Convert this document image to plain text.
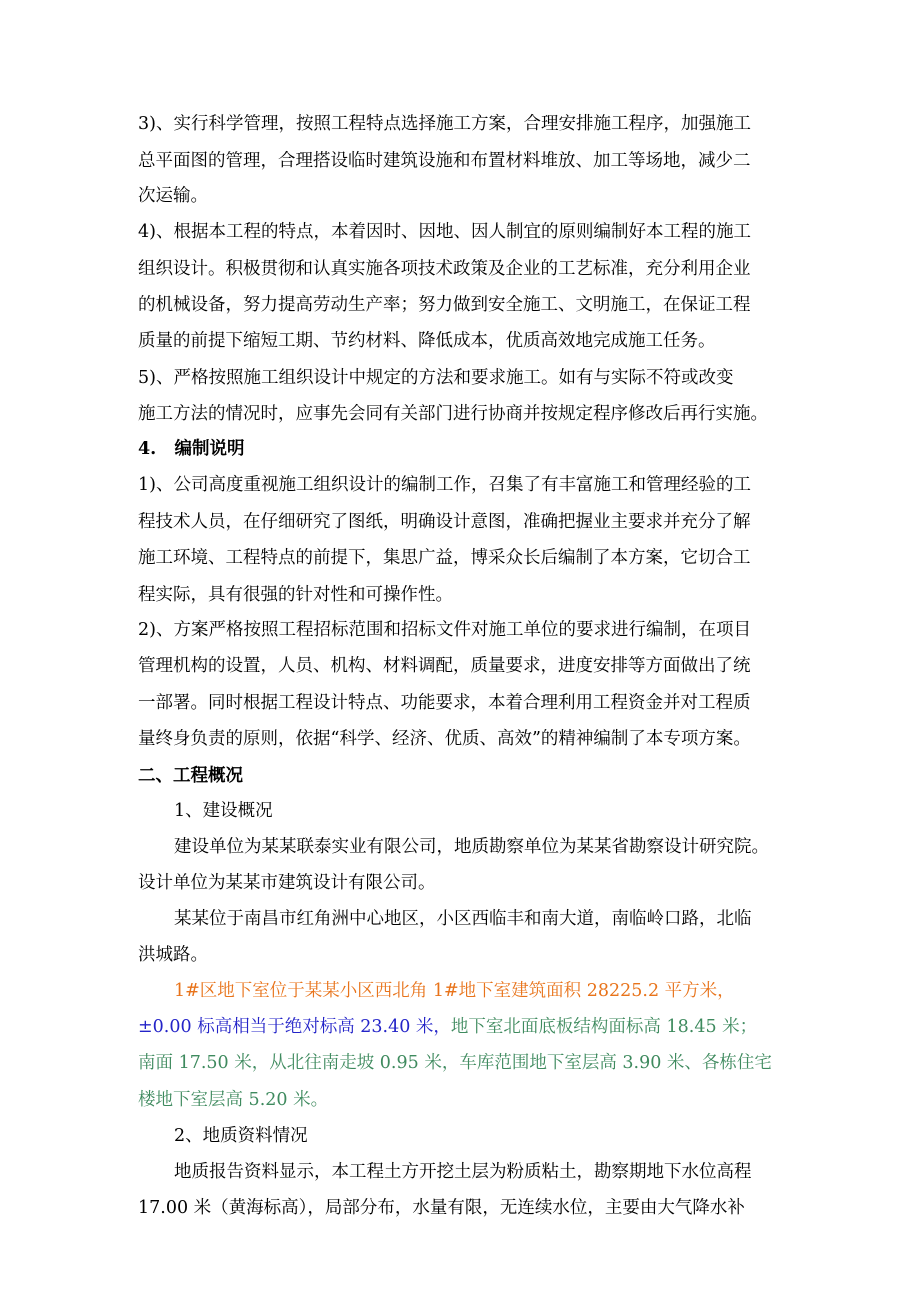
3)、实行科学管理，按照工程特点选择施工方案，合理安排施工程序，加强施工
总平面图的管理，合理搭设临时建筑设施和布置材料堆放、加工等场地，减少二
次运输。
4)、根据本工程的特点，本着因时、因地、因人制宜的原则编制好本工程的施工
组织设计。积极贯彻和认真实施各项技术政策及企业的工艺标准，充分利用企业
的机械设备，努力提高劳动生产率；努力做到安全施工、文明施工，在保证工程
质量的前提下缩短工期、节约材料、降低成本，优质高效地完成施工任务。
5)、严格按照施工组织设计中规定的方法和要求施工。如有与实际不符或改变
施工方法的情况时，应事先会同有关部门进行协商并按规定程序修改后再行实施。
4.   编制说明
1)、公司高度重视施工组织设计的编制工作，召集了有丰富施工和管理经验的工
程技术人员，在仔细研究了图纸，明确设计意图，准确把握业主要求并充分了解
施工环境、工程特点的前提下，集思广益，博采众长后编制了本方案，它切合工
程实际，具有很强的针对性和可操作性。
2)、方案严格按照工程招标范围和招标文件对施工单位的要求进行编制，在项目
管理机构的设置，人员、机构、材料调配，质量要求，进度安排等方面做出了统
一部署。同时根据工程设计特点、功能要求，本着合理利用工程资金并对工程质
量终身负责的原则，依据“科学、经济、优质、高效”的精神编制了本专项方案。
二、工程概况
1、建设概况
建设单位为某某联泰实业有限公司，地质勘察单位为某某省勘察设计研究院。
设计单位为某某市建筑设计有限公司。
某某位于南昌市红角洲中心地区，小区西临丰和南大道，南临岭口路，北临
洪城路。
1#区地下室位于某某小区西北角 1#地下室建筑面积 28225.2 平方米，
±0.00 标高相当于绝对标高 23.40 米，地下室北面底板结构面标高 18.45 米；
南面 17.50 米，从北往南走坡 0.95 米，车库范围地下室层高 3.90 米、各栋住宅
楼地下室层高 5.20 米。
2、地质资料情况
地质报告资料显示，本工程土方开挖土层为粉质粘土，勘察期地下水位高程
17.00 米（黄海标高），局部分布，水量有限，无连续水位，主要由大气降水补
